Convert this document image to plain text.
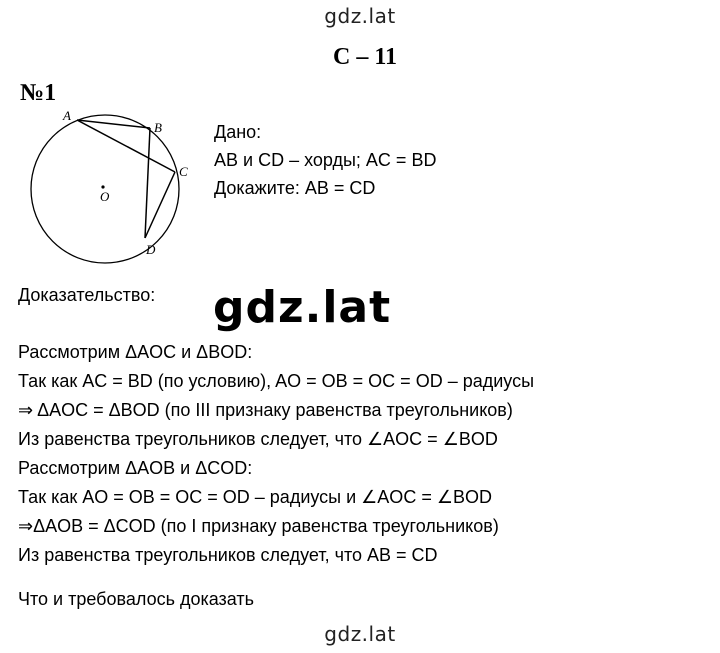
gdz.lat
C – 11
№1
A
B
C
D
O
Дано:
AB и CD – хорды; AC = BD
Докажите: AB = CD
Доказательство: gdz.lat
Рассмотрим ΔAOC и ΔBOD:
Так как AC = BD (по условию), AO = OB = OC = OD – радиусы
⇒ ΔAOC = ΔBOD (по III признаку равенства треугольников)
Из равенства треугольников следует, что ∠AOC = ∠BOD
Рассмотрим ΔAOB и ΔCOD:
Так как AO = OB = OC = OD – радиусы и ∠AOC = ∠BOD
⇒ΔAOB = ΔCOD (по I признаку равенства треугольников)
Из равенства треугольников следует, что AB = CD
Что и требовалось доказать
gdz.lat
